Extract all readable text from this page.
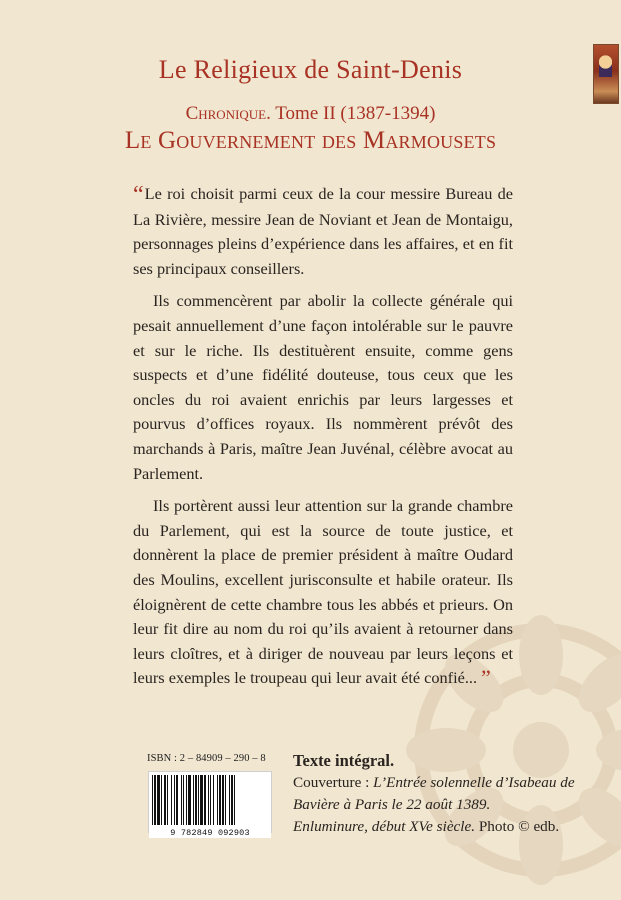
Le Religieux de Saint-Denis
Chronique. Tome II (1387-1394)
Le Gouvernement des Marmousets

“Le roi choisit parmi ceux de la cour messire Bureau de La Rivière, messire Jean de Noviant et Jean de Montaigu, personnages pleins d’expérience dans les affaires, et en fit ses principaux conseillers.

Ils commencèrent par abolir la collecte générale qui pesait annuellement d’une façon intolérable sur le pauvre et sur le riche. Ils destituèrent ensuite, comme gens suspects et d’une fidélité douteuse, tous ceux que les oncles du roi avaient enrichis par leurs largesses et pourvus d’offices royaux. Ils nommèrent prévôt des marchands à Paris, maître Jean Juvénal, célèbre avocat au Parlement.

Ils portèrent aussi leur attention sur la grande chambre du Parlement, qui est la source de toute justice, et donnèrent la place de premier président à maître Oudard des Moulins, excellent jurisconsulte et habile orateur. Ils éloignèrent de cette chambre tous les abbés et prieurs. On leur fit dire au nom du roi qu’ils avaient à retourner dans leurs cloîtres, et à diriger de nouveau par leurs leçons et leurs exemples le troupeau qui leur avait été confié... ”

ISBN : 2 – 84909 – 290 – 8
9 782849 092903
Texte intégral.
Couverture : L’Entrée solennelle d’Isabeau de Bavière à Paris le 22 août 1389.
Enluminure, début XVe siècle. Photo © edb.
